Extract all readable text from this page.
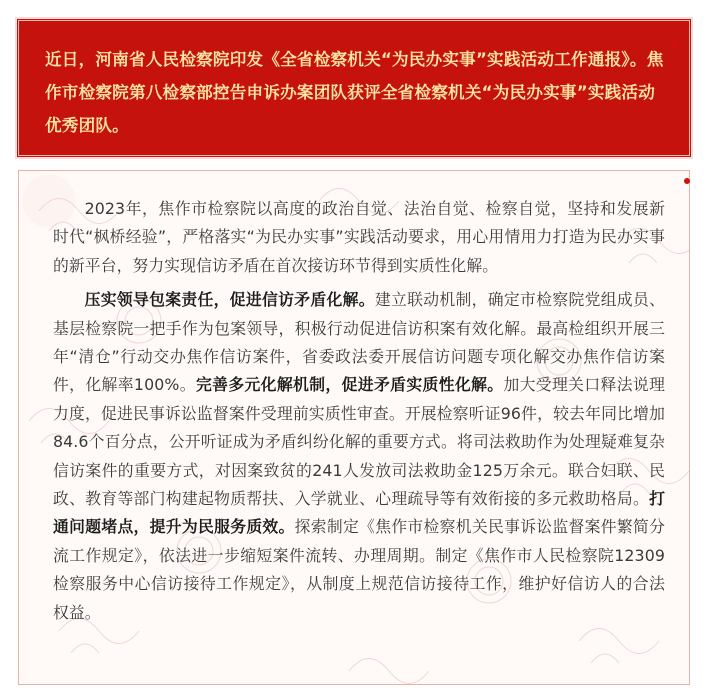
近日，河南省人民检察院印发《全省检察机关“为民办实事”实践活动工作通报》。焦作市检察院第八检察部控告申诉办案团队获评全省检察机关“为民办实事”实践活动优秀团队。

2023年，焦作市检察院以高度的政治自觉、法治自觉、检察自觉，坚持和发展新时代“枫桥经验”，严格落实“为民办实事”实践活动要求，用心用情用力打造为民办实事的新平台，努力实现信访矛盾在首次接访环节得到实质性化解。

压实领导包案责任，促进信访矛盾化解。建立联动机制，确定市检察院党组成员、基层检察院一把手作为包案领导，积极行动促进信访积案有效化解。最高检组织开展三年“清仓”行动交办焦作信访案件，省委政法委开展信访问题专项化解交办焦作信访案件，化解率100%。完善多元化解机制，促进矛盾实质性化解。加大受理关口释法说理力度，促进民事诉讼监督案件受理前实质性审查。开展检察听证96件，较去年同比增加84.6个百分点，公开听证成为矛盾纠纷化解的重要方式。将司法救助作为处理疑难复杂信访案件的重要方式，对因案致贫的241人发放司法救助金125万余元。联合妇联、民政、教育等部门构建起物质帮扶、入学就业、心理疏导等有效衔接的多元救助格局。打通问题堵点，提升为民服务质效。探索制定《焦作市检察机关民事诉讼监督案件繁简分流工作规定》，依法进一步缩短案件流转、办理周期。制定《焦作市人民检察院12309检察服务中心信访接待工作规定》，从制度上规范信访接待工作，维护好信访人的合法权益。
